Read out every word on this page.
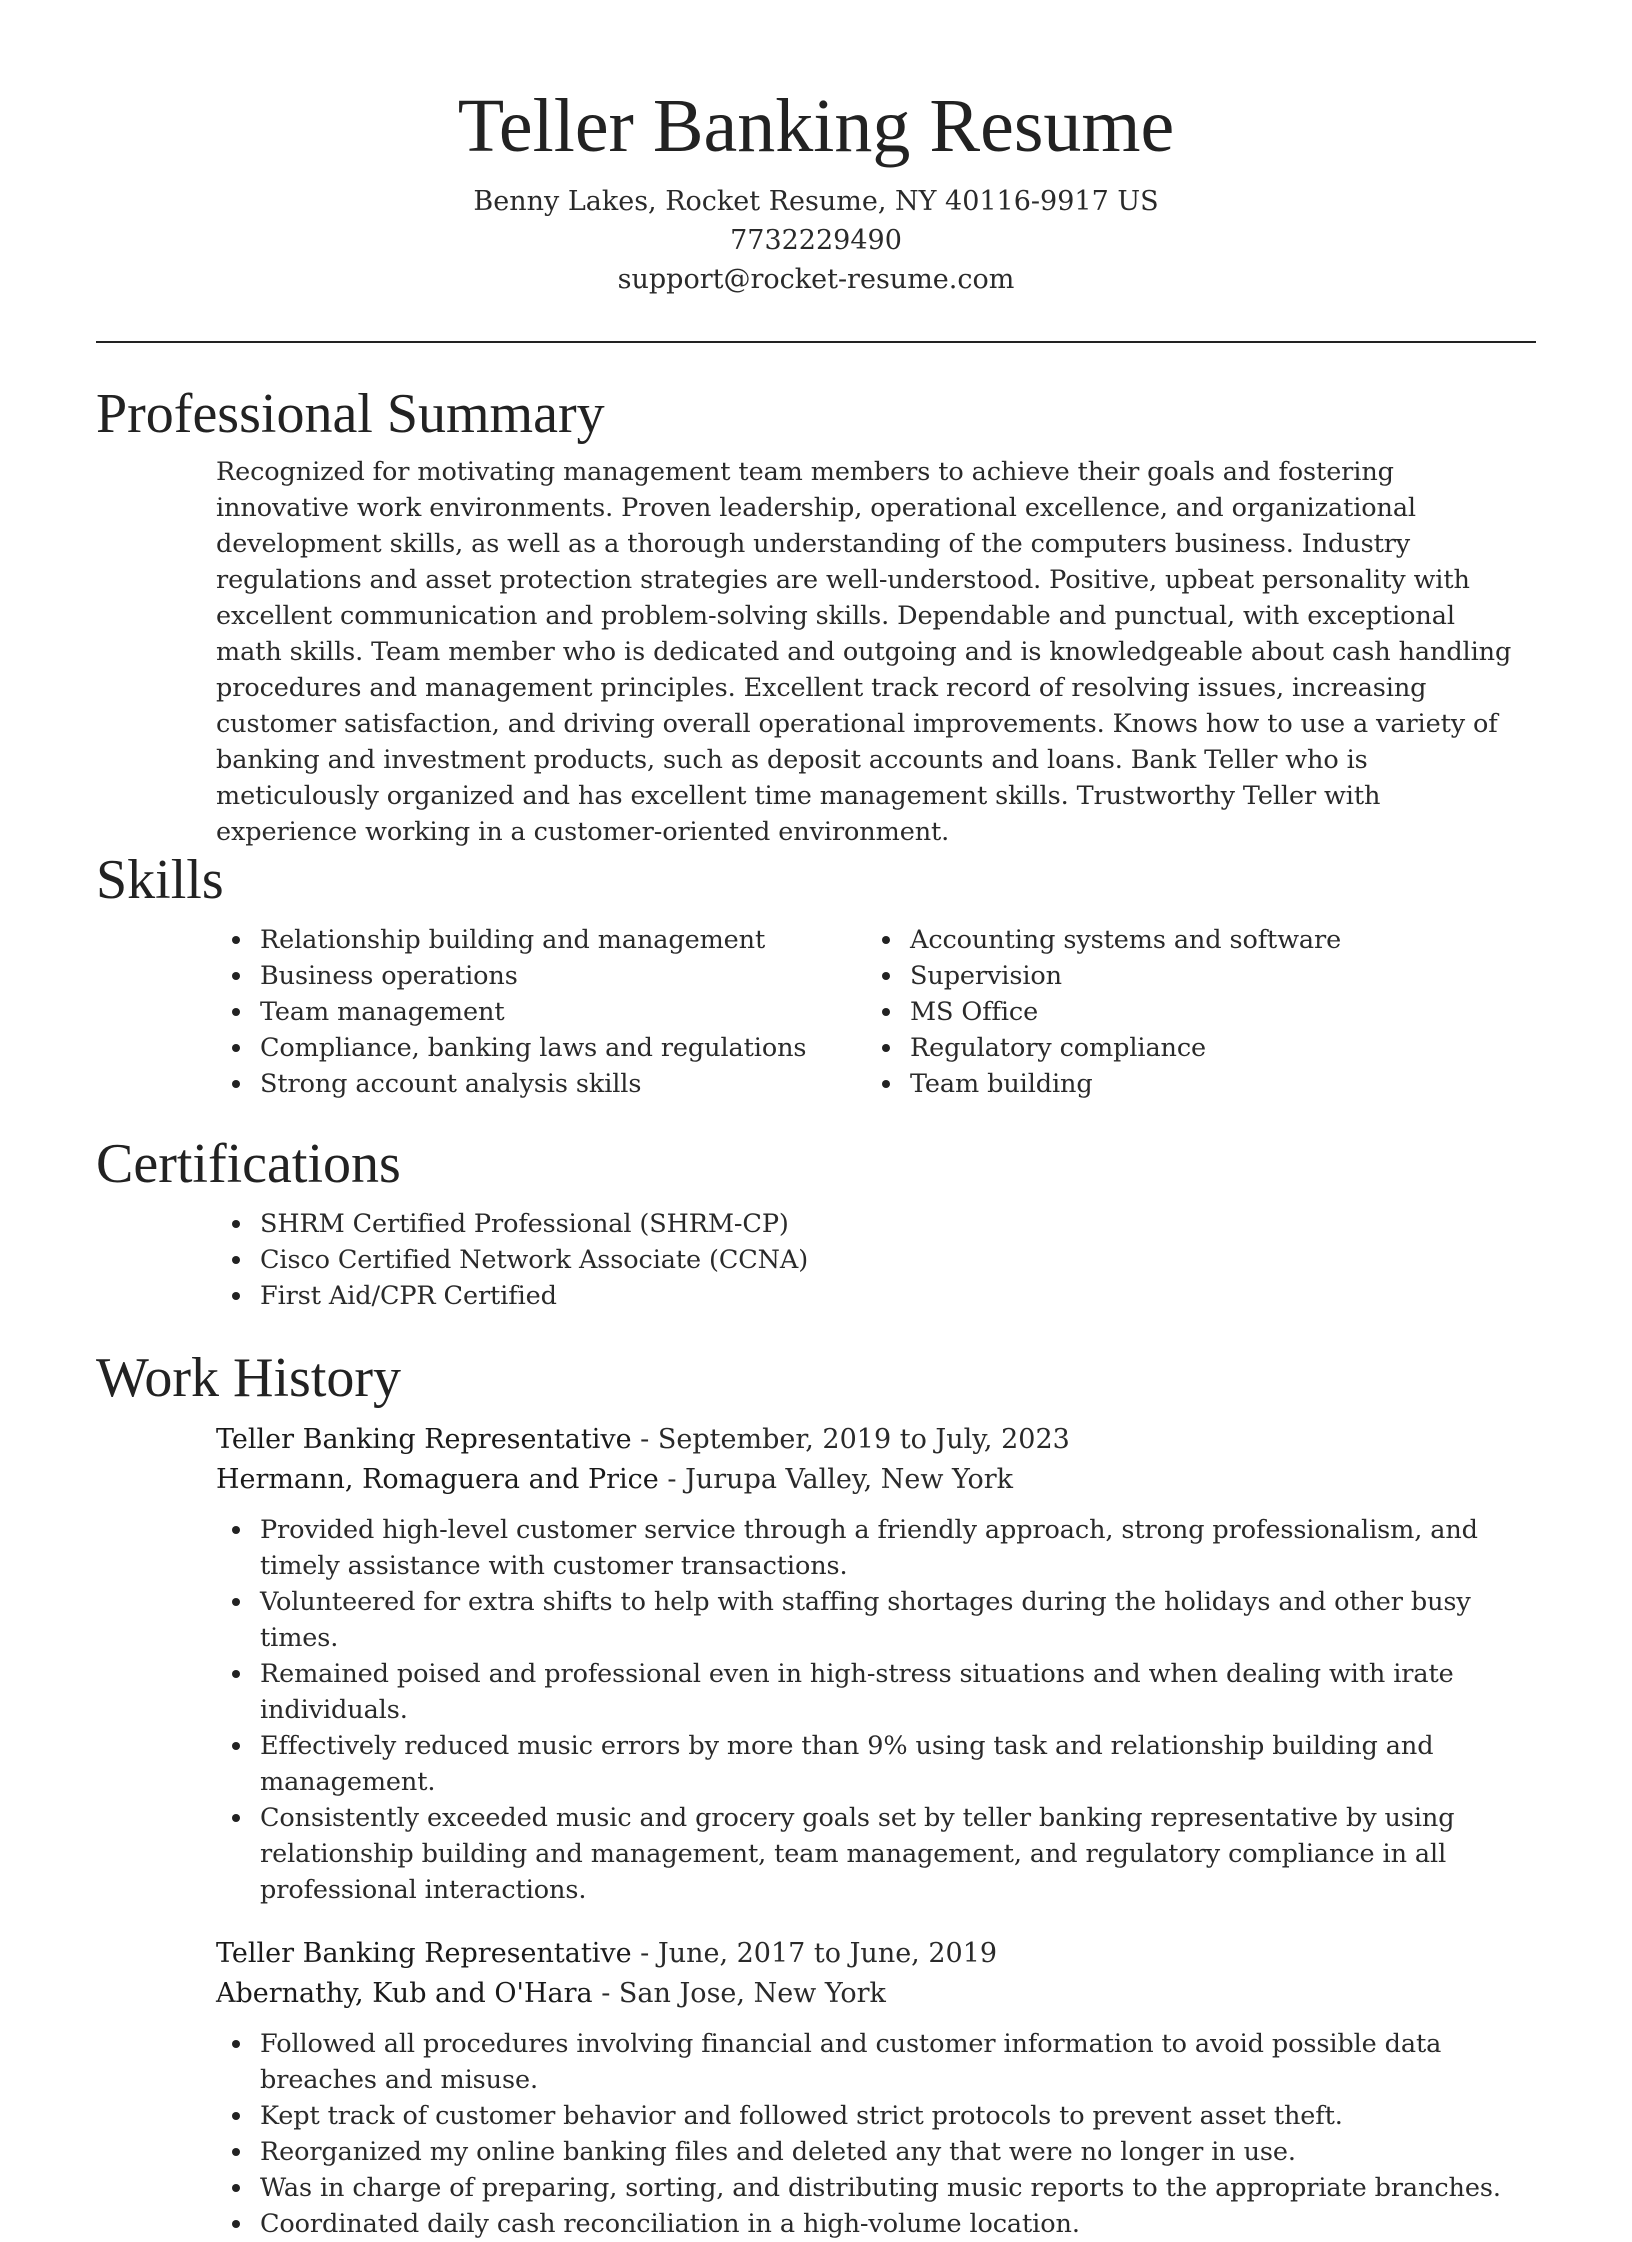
Teller Banking Resume
Benny Lakes, Rocket Resume, NY 40116-9917 US
7732229490
support@rocket-resume.com
Professional Summary

Recognized for motivating management team members to achieve their goals and fostering innovative work environments. Proven leadership, operational excellence, and organizational development skills, as well as a thorough understanding of the computers business. Industry regulations and asset protection strategies are well-understood. Positive, upbeat personality with excellent communication and problem-solving skills. Dependable and punctual, with exceptional math skills. Team member who is dedicated and outgoing and is knowledgeable about cash handling procedures and management principles. Excellent track record of resolving issues, increasing customer satisfaction, and driving overall operational improvements. Knows how to use a variety of banking and investment products, such as deposit accounts and loans. Bank Teller who is meticulously organized and has excellent time management skills. Trustworthy Teller with experience working in a customer-oriented environment.

Skills
Relationship building and management
Business operations
Team management
Compliance, banking laws and regulations
Strong account analysis skills
Accounting systems and software
Supervision
MS Office
Regulatory compliance
Team building
Certifications
SHRM Certified Professional (SHRM-CP)
Cisco Certified Network Associate (CCNA)
First Aid/CPR Certified
Work History
Teller Banking Representative - September, 2019 to July, 2023
Hermann, Romaguera and Price - Jurupa Valley, New York
Provided high-level customer service through a friendly approach, strong professionalism, and timely assistance with customer transactions.
Volunteered for extra shifts to help with staffing shortages during the holidays and other busy times.
Remained poised and professional even in high-stress situations and when dealing with irate individuals.
Effectively reduced music errors by more than 9% using task and relationship building and management.
Consistently exceeded music and grocery goals set by teller banking representative by using relationship building and management, team management, and regulatory compliance in all professional interactions.
Teller Banking Representative - June, 2017 to June, 2019
Abernathy, Kub and O'Hara - San Jose, New York
Followed all procedures involving financial and customer information to avoid possible data breaches and misuse.
Kept track of customer behavior and followed strict protocols to prevent asset theft.
Reorganized my online banking files and deleted any that were no longer in use.
Was in charge of preparing, sorting, and distributing music reports to the appropriate branches.
Coordinated daily cash reconciliation in a high-volume location.
